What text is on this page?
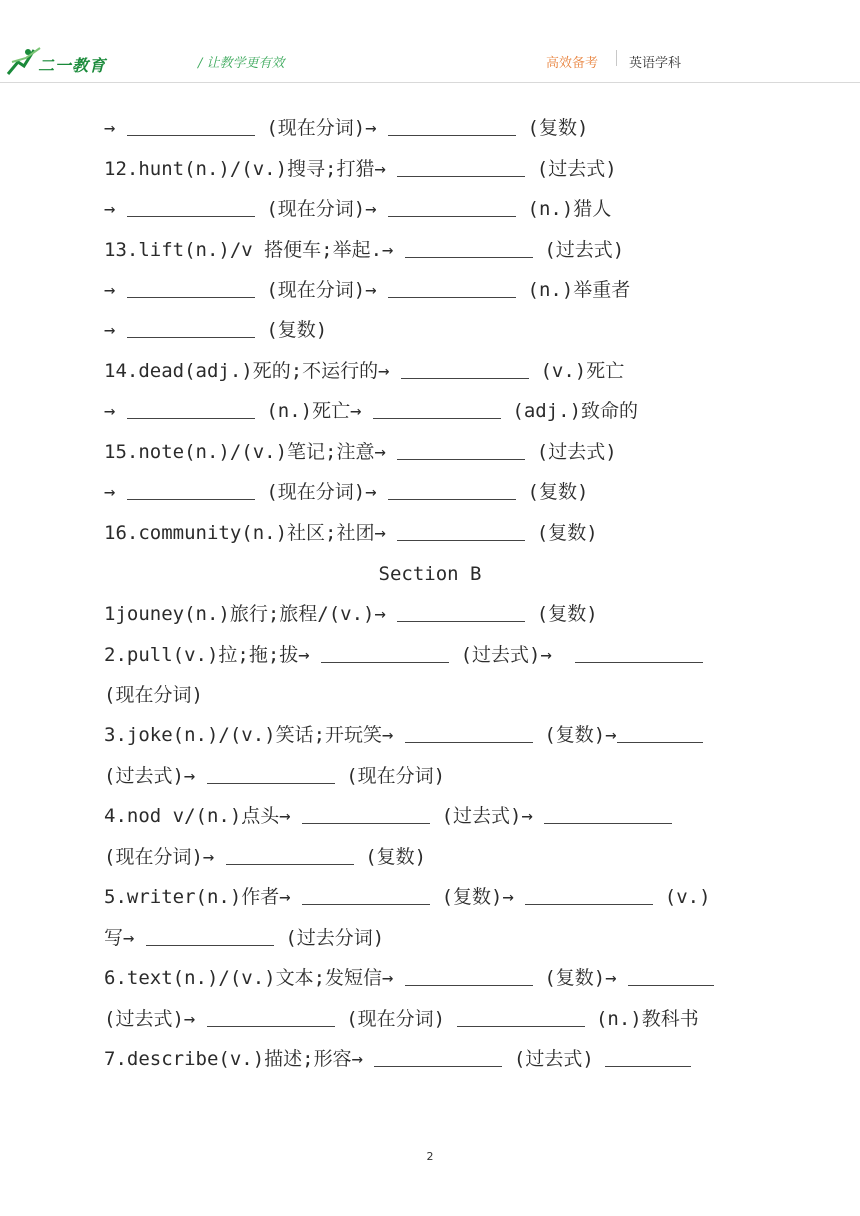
二一教育	/ 让教学更有效	高效备考 英语学科
→	(现在分词)→	(复数)
12.hunt(n.)/(v.)搜寻;打猎→	(过去式)
→	(现在分词)→	(n.)猎人
13.lift(n.)/v 搭便车;举起.→	(过去式)
→	(现在分词)→	(n.)举重者
→	(复数)
14.dead(adj.)死的;不运行的→	(v.)死亡
→	(n.)死亡→	(adj.)致命的
15.note(n.)/(v.)笔记;注意→	(过去式)
→	(现在分词)→	(复数)
16.community(n.)社区;社团→	(复数)
Section B
1jouney(n.)旅行;旅程/(v.)→	(复数)
2.pull(v.)拉;拖;拔→	(过去式)→
(现在分词)
3.joke(n.)/(v.)笑话;开玩笑→	(复数)→
(过去式)→	(现在分词)
4.nod v/(n.)点头→	(过去式)→
(现在分词)→	(复数)
5.writer(n.)作者→	(复数)→	(v.)
写→	(过去分词)
6.text(n.)/(v.)文本;发短信→	(复数)→
(过去式)→	(现在分词)	(n.)教科书
7.describe(v.)描述;形容→	(过去式)
2
